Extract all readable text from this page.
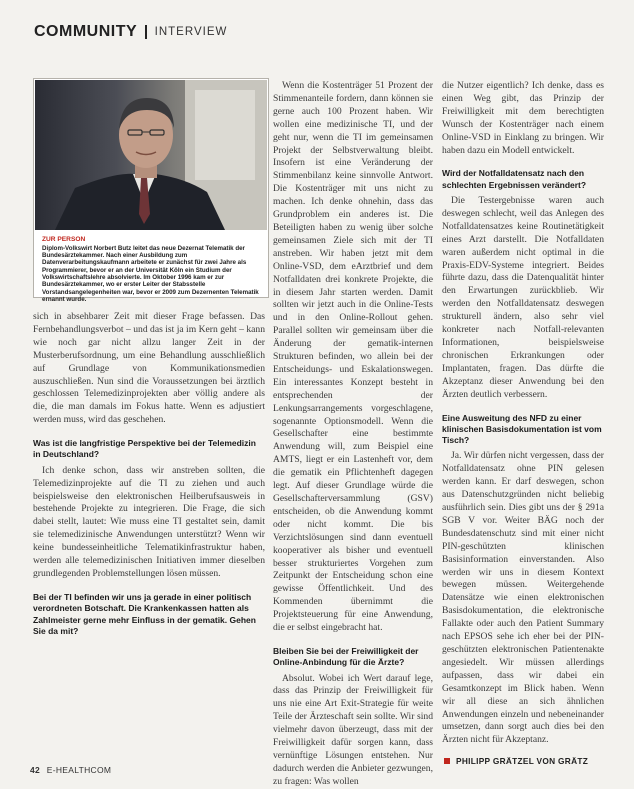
COMMUNITY INTERVIEW
ZUR PERSON
Diplom-Volkswirt Norbert Butz leitet das neue Dezernat Telematik der Bundesärztekammer. Nach einer Ausbildung zum Datenverarbeitungskaufmann arbeitete er zunächst für zwei Jahre als Programmierer, bevor er an der Universität Köln ein Studium der Volkswirtschaftslehre absolvierte. Im Oktober 1996 kam er zur Bundesärztekammer, wo er erster Leiter der Stabsstelle Vorstandsangelegenheiten war, bevor er 2009 zum Dezernenten Telematik ernannt wurde.

sich in absehbarer Zeit mit dieser Frage befassen. Das Fernbehandlungsverbot – und das ist ja im Kern geht – kann wie noch gar nicht allzu langer Zeit in der Musterberufsordnung, um eine Behandlung ausschließlich auf Grundlage von Kommunikationsmedien auszuschließen. Nun sind die Voraussetzungen bei ärztlich geschlossen Telemedizinprojekten aber völlig andere als die, die man damals im Fokus hatte. Wenn es adjustiert werden muss, wird das geschehen.

Was ist die langfristige Perspektive bei der Telemedizin in Deutschland?

Ich denke schon, dass wir anstreben sollten, die Telemedizinprojekte auf die TI zu ziehen und auch beispielsweise den elektronischen Heilberufsausweis in bestehende Projekte zu integrieren. Die Frage, die sich dabei stellt, lautet: Wie muss eine TI gestaltet sein, damit sie telemedizinische Anwendungen unterstützt? Wenn wir keine bundesseinheitliche Telematikinfrastruktur haben, werden alle telemedizinischen Initiativen immer dieselben grundlegenden Problemstellungen lösen müssen.

Bei der TI befinden wir uns ja gerade in einer politisch verordneten Botschaft. Die Krankenkassen hatten als Zahlmeister gerne mehr Einfluss in der gematik. Gehen Sie da mit?

Wenn die Kostenträger 51 Prozent der Stimmenanteile fordern, dann können sie gerne auch 100 Prozent haben. Wir wollen eine medizinische TI, und der geht nur, wenn die TI im gemeinsamen Projekt der Selbstverwaltung bleibt. Insofern ist eine Veränderung der Stimmenbilanz keine sinnvolle Antwort. Die Kostenträger mit uns nicht zu machen. Ich denke ohnehin, dass das Grundproblem ein anderes ist. Die Beteiligten haben zu wenig über solche gemeinsamen Ziele sich mit der TI anstreben. Wir haben jetzt mit dem Online-VSD, dem eArztbrief und dem Notfalldaten drei konkrete Projekte, die in diesem Jahr starten werden. Damit sollten wir jetzt auch in die Online-Tests und in den Online-Rollout gehen. Parallel sollten wir gemeinsam über die Änderung der gematik-internen Strukturen befinden, wo allein bei der Entscheidungs- und Eskalationswegen. Ein interessantes Konzept besteht in entsprechenden der Lenkungsarrangements vorgeschlagene, sogenannte Optionsmodell. Wenn die Gesellschafter eine bestimmte Anwendung will, zum Beispiel eine AMTS, liegt er ein Lastenheft vor, dem die gematik ein Pflichtenheft dagegen legt. Auf dieser Grundlage würde die Gesellschafterversammlung (GSV) entscheiden, ob die Anwendung kommt oder nicht kommt. Die bis Verzichtslösungen sind dann eventuell kooperativer als bisher und eventuell besser strukturiertes Vorgehen zum Zeitpunkt der Entscheidung schon eine gewisse Öffentlichkeit. Und des Kommenden übernimmt die Projektsteuerung für eine Anwendung, die er selbst eingebracht hat.

Bleiben Sie bei der Freiwilligkeit der Online-Anbindung für die Ärzte?

Absolut. Wobei ich Wert darauf lege, dass das Prinzip der Freiwilligkeit für uns nie eine Art Exit-Strategie für weite Teile der Ärzteschaft sein sollte. Wir sind vielmehr davon überzeugt, dass mit der Freiwilligkeit dafür sorgen kann, dass vernünftige Lösungen entstehen. Nur dadurch werden die Anbieter gezwungen, zu fragen: Was wollen

die Nutzer eigentlich? Ich denke, dass es einen Weg gibt, das Prinzip der Freiwilligkeit mit dem berechtigten Wunsch der Kostenträger nach einem Online-VSD in Einklang zu bringen. Wir haben dazu ein Modell entwickelt.

Wird der Notfalldatensatz nach den schlechten Ergebnissen verändert?

Die Testergebnisse waren auch deswegen schlecht, weil das Anlegen des Notfalldatensatzes keine Routinetätigkeit eines Arzt darstellt. Die Notfalldaten waren außerdem nicht optimal in die Praxis-EDV-Systeme integriert. Beides führte dazu, dass die Datenqualität hinter den Erwartungen zurückblieb. Wir werden den Notfalldatensatz deswegen strukturell ändern, also sehr viel konkreter nach Notfall-relevanten Informationen, beispielsweise chronischen Erkrankungen oder Implantaten, fragen. Das dürfte die Akzeptanz dieser Anwendung bei den Ärzten deutlich verbessern.

Eine Ausweitung des NFD zu einer klinischen Basisdokumentation ist vom Tisch?

Ja. Wir dürfen nicht vergessen, dass der Notfalldatensatz ohne PIN gelesen werden kann. Er darf deswegen, schon aus Datenschutzgründen nicht beliebig ausführlich sein. Dies gibt uns der § 291a SGB V vor. Weiter BÄG noch der Bundesdatenschutz sind mit einer nicht PIN-geschützten klinischen Basisinformation einverstanden. Also werden wir uns in diesem Kontext bewegen müssen. Weitergehende Datensätze wie einen elektronischen Basisdokumentation, die elektronische Fallakte oder auch den Patient Summary nach EPSOS sehe ich eher bei der PIN-geschützten elektronischen Patientenakte angesiedelt. Wir müssen allerdings aufpassen, dass wir dabei ein Gesamtkonzept im Blick haben. Wenn wir all diese an sich ähnlichen Anwendungen einzeln und nebeneinander umsetzen, dann sorgt auch dies bei den Ärzten nicht für Akzeptanz.

PHILIPP GRÄTZEL VON GRÄTZ
42 E-HEALTHCOM
